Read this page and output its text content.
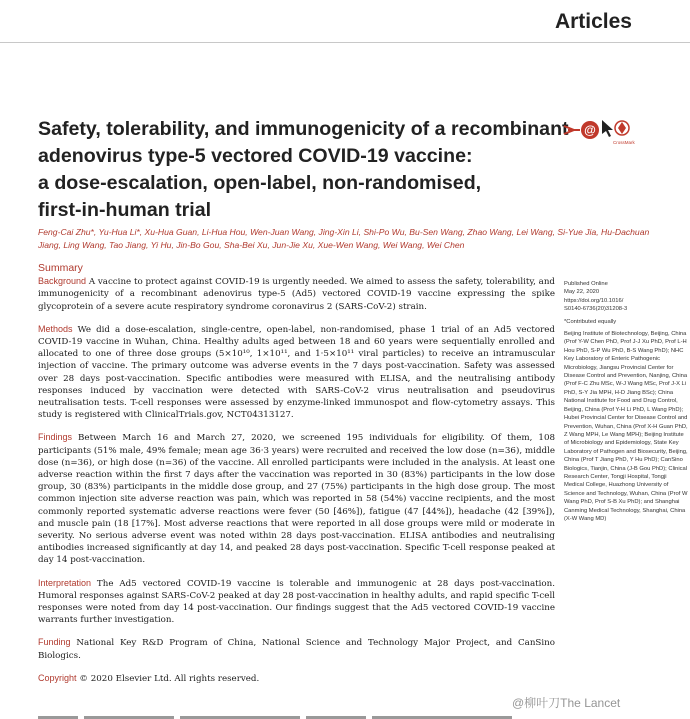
Articles
Safety, tolerability, and immunogenicity of a recombinant
adenovirus type-5 vectored COVID-19 vaccine:
a dose-escalation, open-label, non-randomised,
first-in-human trial
@
CrossMark
Feng-Cai Zhu*, Yu-Hua Li*, Xu-Hua Guan, Li-Hua Hou, Wen-Juan Wang, Jing-Xin Li, Shi-Po Wu, Bu-Sen Wang, Zhao Wang, Lei Wang, Si-Yue Jia, Hu-Dachuan Jiang, Ling Wang, Tao Jiang, Yi Hu, Jin-Bo Gou, Sha-Bei Xu, Jun-Jie Xu, Xue-Wen Wang, Wei Wang, Wei Chen
Summary

Background A vaccine to protect against COVID-19 is urgently needed. We aimed to assess the safety, tolerability, and immunogenicity of a recombinant adenovirus type-5 (Ad5) vectored COVID-19 vaccine expressing the spike glycoprotein of a severe acute respiratory syndrome coronavirus 2 (SARS-CoV-2) strain.

Methods We did a dose-escalation, single-centre, open-label, non-randomised, phase 1 trial of an Ad5 vectored COVID-19 vaccine in Wuhan, China. Healthy adults aged between 18 and 60 years were sequentially enrolled and allocated to one of three dose groups (5×10¹⁰, 1×10¹¹, and 1·5×10¹¹ viral particles) to receive an intramuscular injection of vaccine. The primary outcome was adverse events in the 7 days post-vaccination. Safety was assessed over 28 days post-vaccination. Specific antibodies were measured with ELISA, and the neutralising antibody responses induced by vaccination were detected with SARS-CoV-2 virus neutralisation and pseudovirus neutralisation tests. T-cell responses were assessed by enzyme-linked immunospot and flow-cytometry assays. This study is registered with ClinicalTrials.gov, NCT04313127.

Findings Between March 16 and March 27, 2020, we screened 195 individuals for eligibility. Of them, 108 participants (51% male, 49% female; mean age 36·3 years) were recruited and received the low dose (n=36), middle dose (n=36), or high dose (n=36) of the vaccine. All enrolled participants were included in the analysis. At least one adverse reaction within the first 7 days after the vaccination was reported in 30 (83%) participants in the low dose group, 30 (83%) participants in the middle dose group, and 27 (75%) participants in the high dose group. The most common injection site adverse reaction was pain, which was reported in 58 (54%) vaccine recipients, and the most commonly reported systematic adverse reactions were fever (50 [46%]), fatigue (47 [44%]), headache (42 [39%]), and muscle pain (18 [17%]. Most adverse reactions that were reported in all dose groups were mild or moderate in severity. No serious adverse event was noted within 28 days post-vaccination. ELISA antibodies and neutralising antibodies increased significantly at day 14, and peaked 28 days post-vaccination. Specific T-cell response peaked at day 14 post-vaccination.

Interpretation The Ad5 vectored COVID-19 vaccine is tolerable and immunogenic at 28 days post-vaccination. Humoral responses against SARS-CoV-2 peaked at day 28 post-vaccination in healthy adults, and rapid specific T-cell responses were noted from day 14 post-vaccination. Our findings suggest that the Ad5 vectored COVID-19 vaccine warrants further investigation.

Funding National Key R&D Program of China, National Science and Technology Major Project, and CanSino Biologics.

Copyright © 2020 Elsevier Ltd. All rights reserved.

Published Online
May 22, 2020
https://doi.org/10.1016/
S0140-6736(20)31208-3
*Contributed equally
Beijing Institute of Biotechnology, Beijing, China (Prof Y-W Chen PhD, Prof J-J Xu PhD, Prof L-H Hou PhD, S-P Wu PhD, B-S Wang PhD); NHC Key Laboratory of Enteric Pathogenic Microbiology, Jiangsu Provincial Center for Disease Control and Prevention, Nanjing, China (Prof F-C Zhu MSc, W-J Wang MSc, Prof J-X Li PhD, S-Y Jia MPH, H-D Jiang BSc); China National Institute for Food and Drug Control, Beijing, China (Prof Y-H Li PhD, L Wang PhD); Hubei Provincial Center for Disease Control and Prevention, Wuhan, China (Prof X-H Guan PhD, Z Wang MPH, Le Wang MPH); Beijing Institute of Microbiology and Epidemiology, State Key Laboratory of Pathogen and Biosecurity, Beijing, China (Prof T Jiang PhD, Y Hu PhD); CanSino Biologics, Tianjin, China (J-B Gou PhD); Clinical Research Center, Tongji Hospital, Tongji Medical College, Huazhong University of Science and Technology, Wuhan, China (Prof W Wang PhD, Prof S-B Xu PhD); and Shanghai Canming Medical Technology, Shanghai, China (X-W Wang MD)
@柳叶刀The Lancet
